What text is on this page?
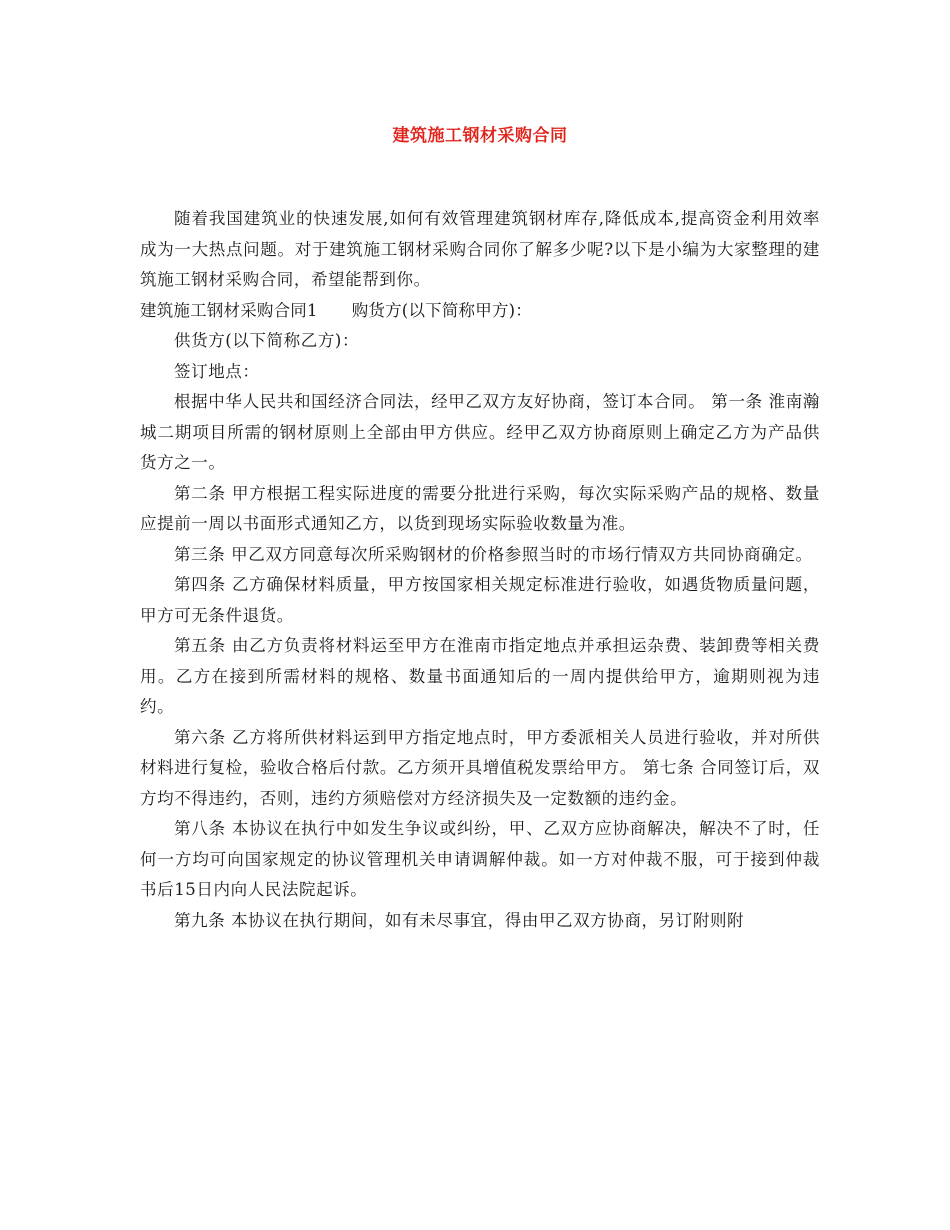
建筑施工钢材采购合同

随着我国建筑业的快速发展,如何有效管理建筑钢材库存,降低成本,提高资金利用效率成为一大热点问题。对于建筑施工钢材采购合同你了解多少呢?以下是小编为大家整理的建筑施工钢材采购合同，希望能帮到你。

建筑施工钢材采购合同1 购货方(以下简称甲方)：

供货方(以下简称乙方)：

签订地点：

根据中华人民共和国经济合同法，经甲乙双方友好协商，签订本合同。 第一条 淮南瀚城二期项目所需的钢材原则上全部由甲方供应。经甲乙双方协商原则上确定乙方为产品供货方之一。

第二条 甲方根据工程实际进度的需要分批进行采购，每次实际采购产品的规格、数量应提前一周以书面形式通知乙方，以货到现场实际验收数量为准。

第三条 甲乙双方同意每次所采购钢材的价格参照当时的市场行情双方共同协商确定。

第四条 乙方确保材料质量，甲方按国家相关规定标准进行验收，如遇货物质量问题，甲方可无条件退货。

第五条 由乙方负责将材料运至甲方在淮南市指定地点并承担运杂费、装卸费等相关费用。乙方在接到所需材料的规格、数量书面通知后的一周内提供给甲方，逾期则视为违约。

第六条 乙方将所供材料运到甲方指定地点时，甲方委派相关人员进行验收，并对所供材料进行复检，验收合格后付款。乙方须开具增值税发票给甲方。 第七条 合同签订后，双方均不得违约，否则，违约方须赔偿对方经济损失及一定数额的违约金。

第八条 本协议在执行中如发生争议或纠纷，甲、乙双方应协商解决，解决不了时，任何一方均可向国家规定的协议管理机关申请调解仲裁。如一方对仲裁不服，可于接到仲裁书后15日内向人民法院起诉。

第九条 本协议在执行期间，如有未尽事宜，得由甲乙双方协商，另订附则附
